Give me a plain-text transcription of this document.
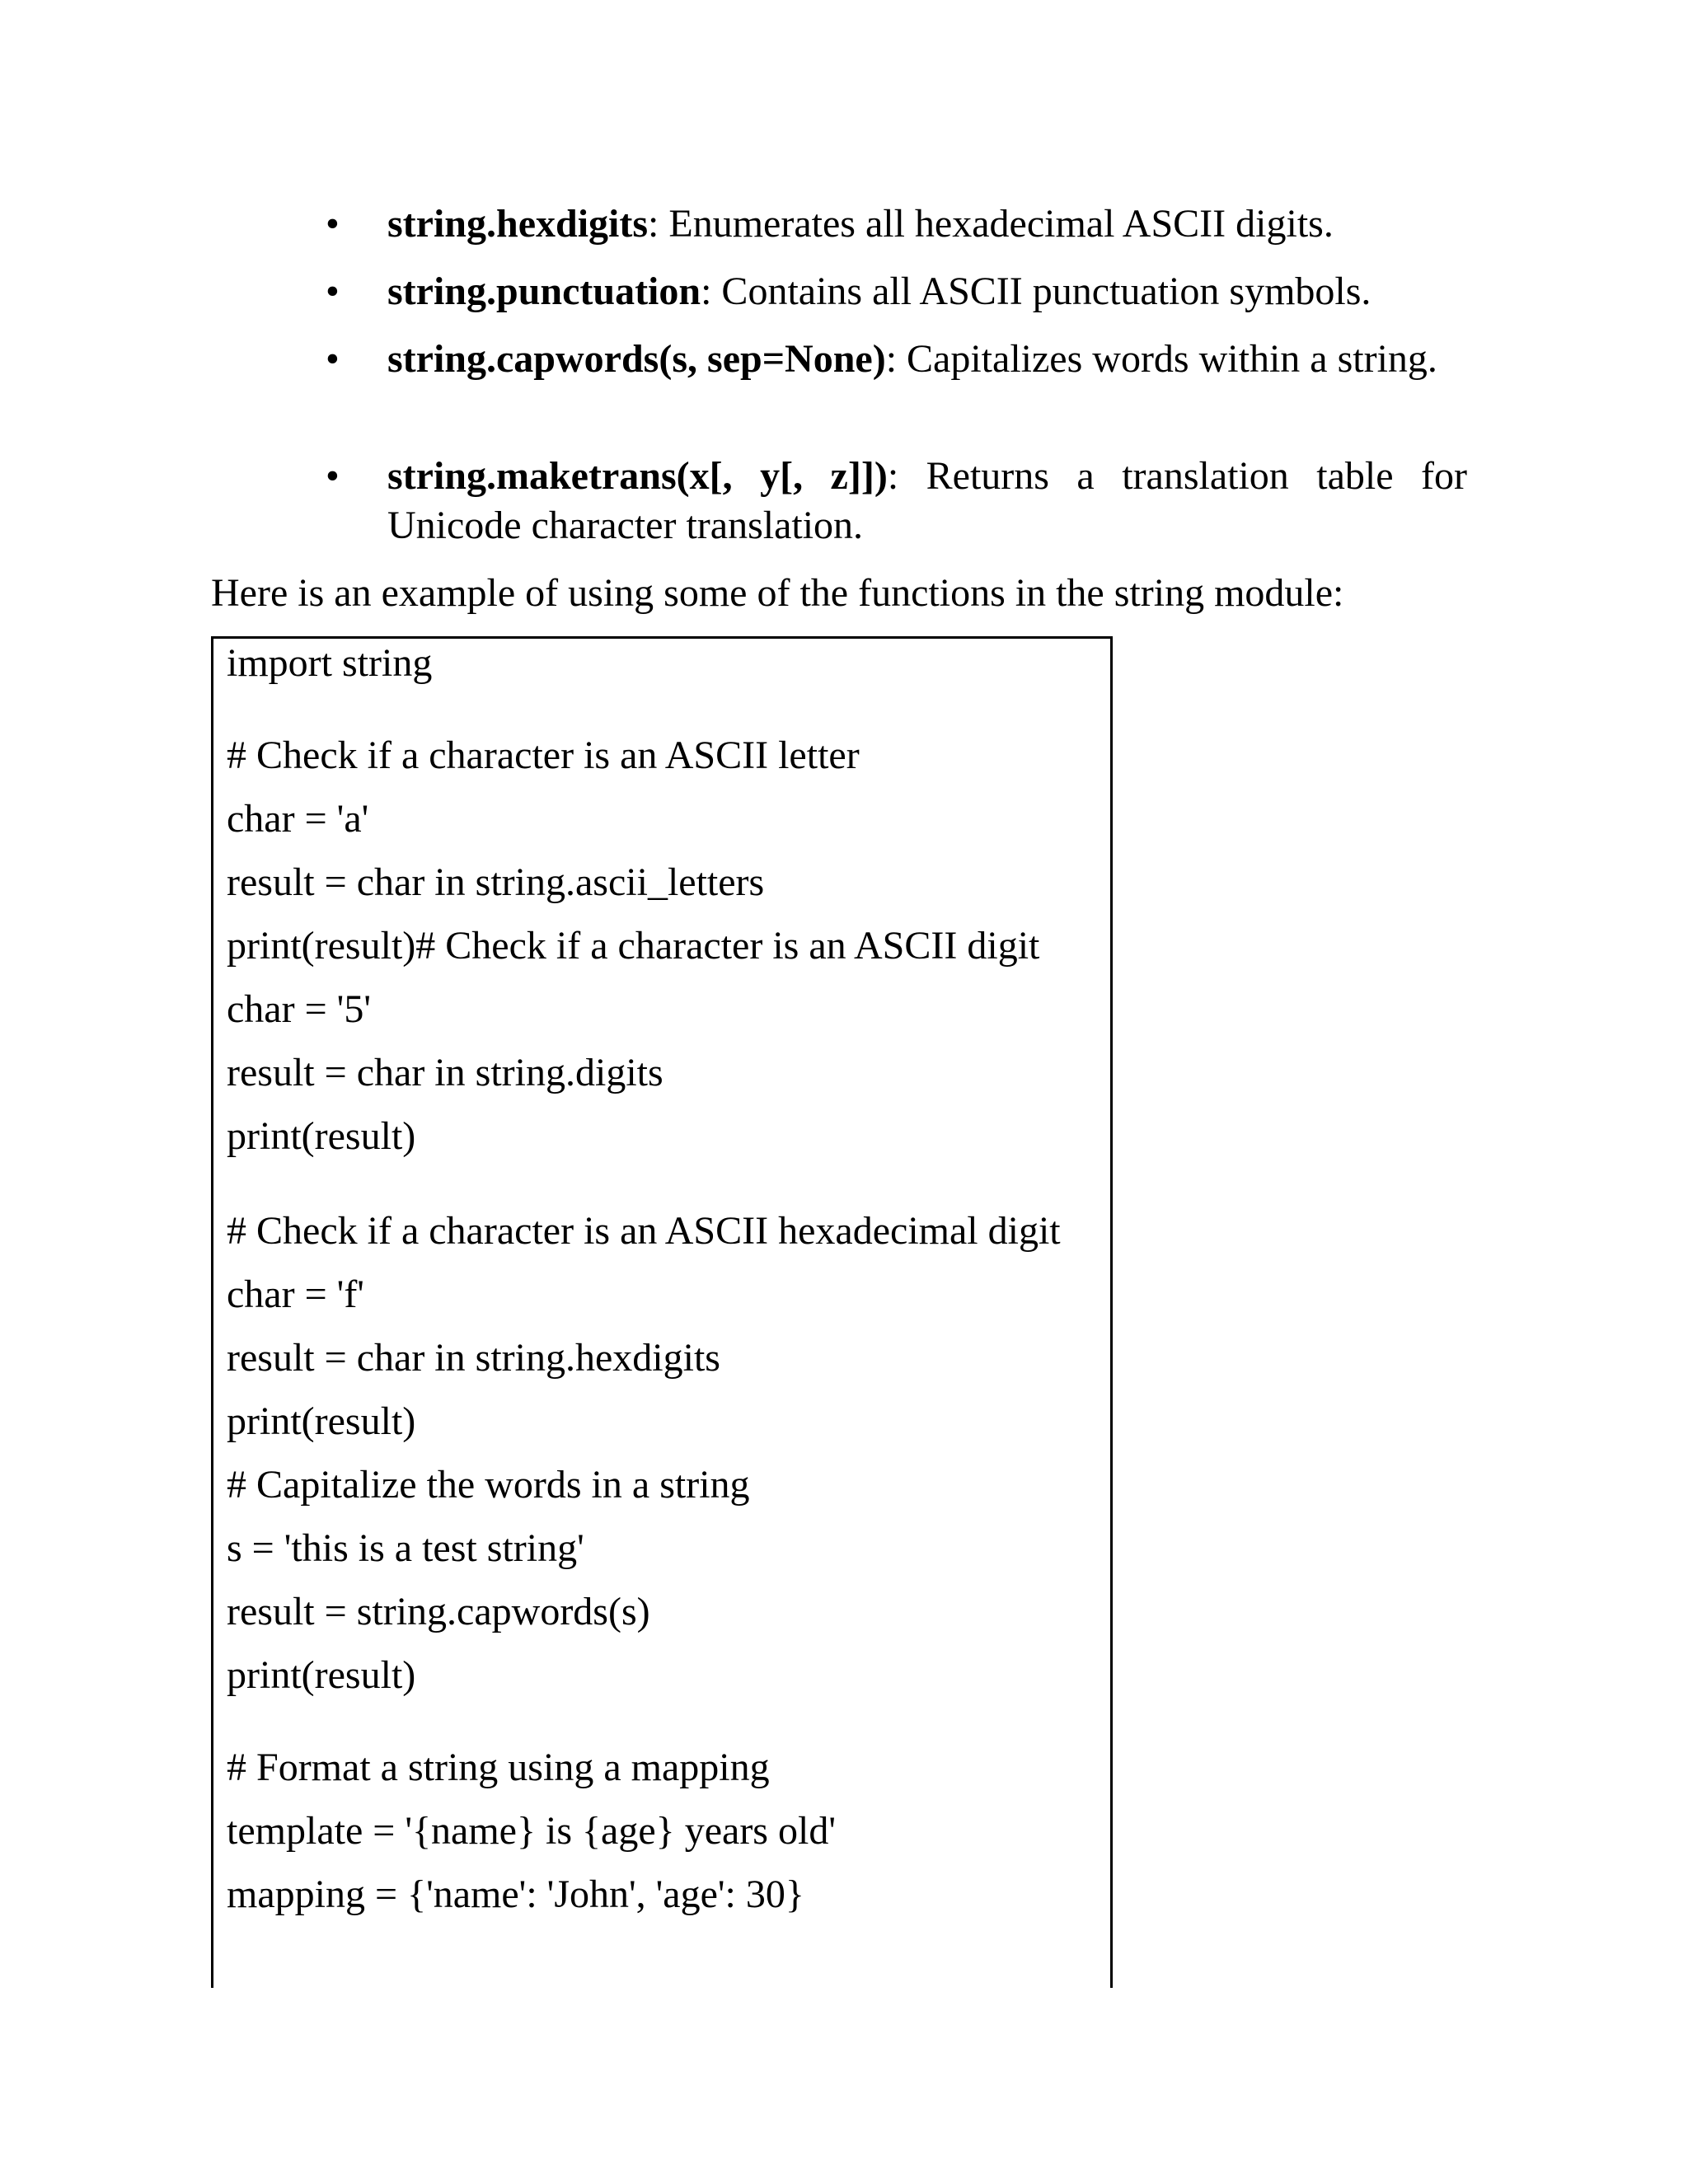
• string.hexdigits: Enumerates all hexadecimal ASCII digits.
• string.punctuation: Contains all ASCII punctuation symbols.
• string.capwords(s, sep=None): Capitalizes words within a string.
• string.maketrans(x[, y[, z]]): Returns a translation table for Unicode character translation.
Here is an example of using some of the functions in the string module:
import string
# Check if a character is an ASCII letter
char = 'a'
result = char in string.ascii_letters
print(result)# Check if a character is an ASCII digit
char = '5'
result = char in string.digits
print(result)
# Check if a character is an ASCII hexadecimal digit
char = 'f'
result = char in string.hexdigits
print(result)
# Capitalize the words in a string
s = 'this is a test string'
result = string.capwords(s)
print(result)
# Format a string using a mapping
template = '{name} is {age} years old'
mapping = {'name': 'John', 'age': 30}
